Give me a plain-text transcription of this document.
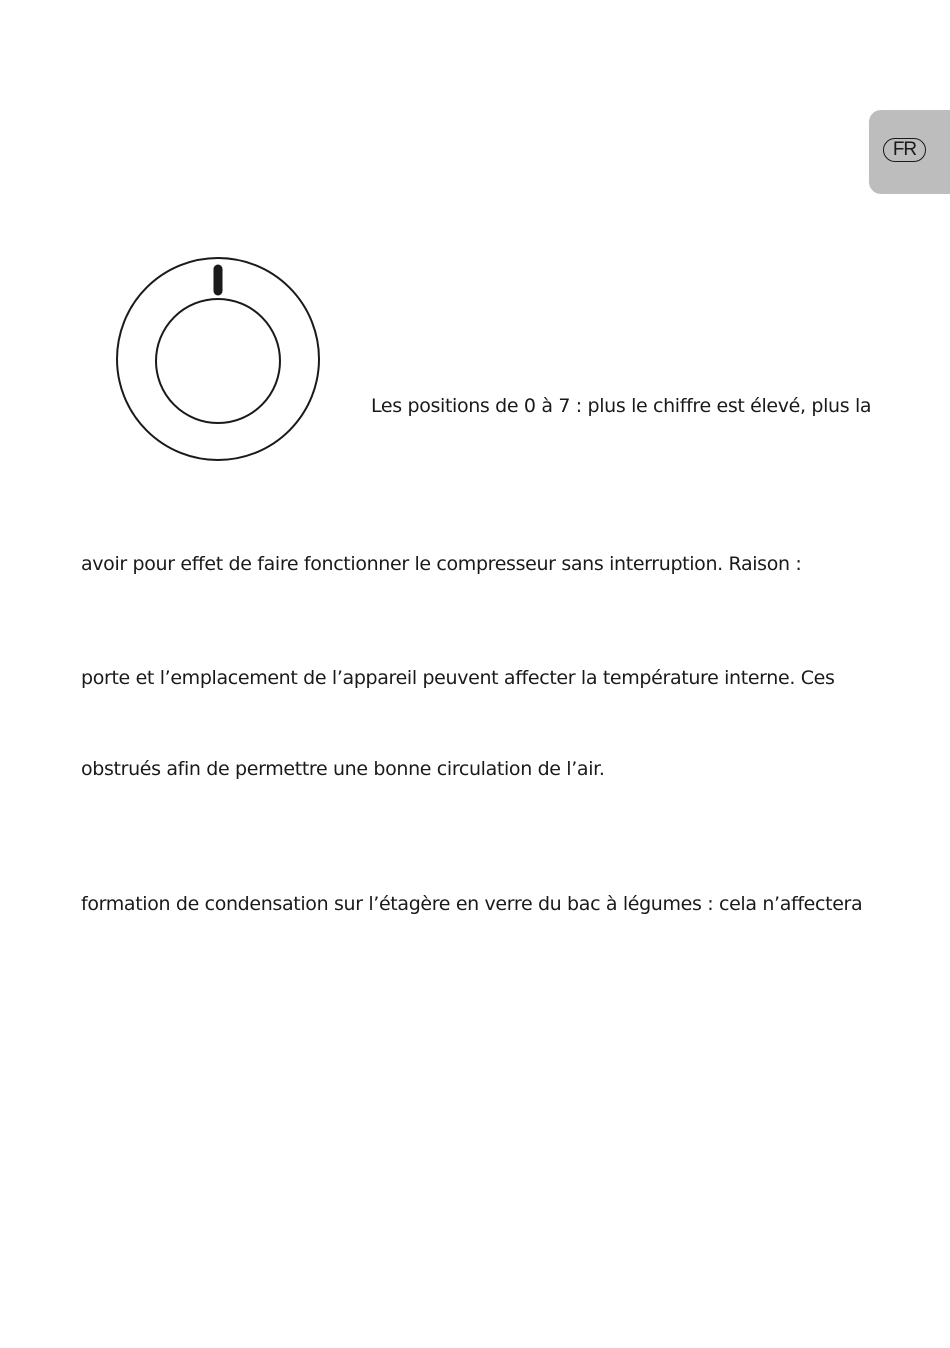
FR

Les positions de 0 à 7 : plus le chiffre est élevé, plus la

avoir pour effet de faire fonctionner le compresseur sans interruption. Raison :

porte et l’emplacement de l’appareil peuvent affecter la température interne. Ces

obstrués afin de permettre une bonne circulation de l’air.

formation de condensation sur l’étagère en verre du bac à légumes : cela n’affectera
